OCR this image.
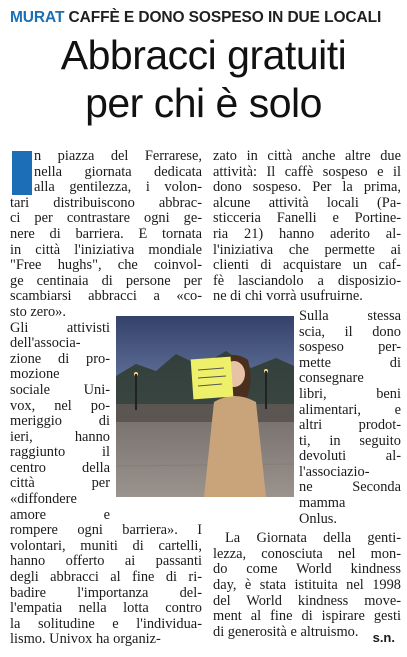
MURAT CAFFÈ E DONO SOSPESO IN DUE LOCALI
Abbracci gratuiti
per chi è solo
n piazza del Ferrarese,
nella giornata dedicata
alla gentilezza, i volon-
tari distribuiscono abbrac-
ci per contrastare ogni ge-
nere di barriera. È tornata
in città l'iniziativa mondiale
"Free hughs", che coinvol-
ge centinaia di persone per
scambiarsi abbracci a «co-
sto zero».
Gli attivisti
dell'associa-
zione di pro-
mozione
sociale Uni-
vox, nel po-
meriggio di
ieri, hanno
raggiunto il
centro della
città per
«diffondere
amore e
rompere ogni barriera». I
volontari, muniti di cartelli,
hanno offerto ai passanti
degli abbracci al fine di ri-
badire l'importanza del-
l'empatia nella lotta contro
la solitudine e l'individua-
lismo. Univox ha organiz-
zato in città anche altre due
attività: Il caffè sospeso e il
dono sospeso. Per la prima,
alcune attività locali (Pa-
sticceria Fanelli e Portine-
ria 21) hanno aderito al-
l'iniziativa che permette ai
clienti di acquistare un caf-
fè lasciandolo a disposizio-
ne di chi vorrà usufruirne.
Sulla stessa
scia, il dono
sospeso per-
mette di
consegnare
libri, beni
alimentari, e
altri prodot-
ti, in seguito
devoluti al-
l'associazio-
ne Seconda
mamma
Onlus.
La Giornata della genti-
lezza, conosciuta nel mon-
do come World kindness
day, è stata istituita nel 1998
del World kindness move-
ment al fine di ispirare gesti
di generosità e altruismo.	s.n.
